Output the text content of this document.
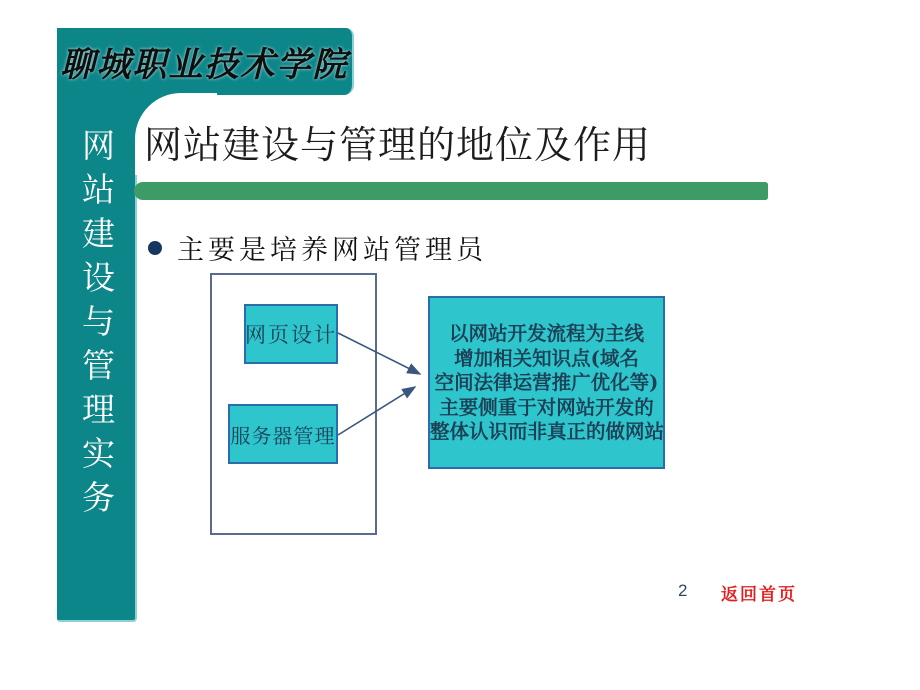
聊城职业技术学院
网站建设与管理实务 网站建设与管理的地位及作用
主要是培养网站管理员
网页设计
服务器管理
以网站开发流程为主线
增加相关知识点(域名
空间法律运营推广优化等)
主要侧重于对网站开发的
整体认识而非真正的做网站
2 返回首页
